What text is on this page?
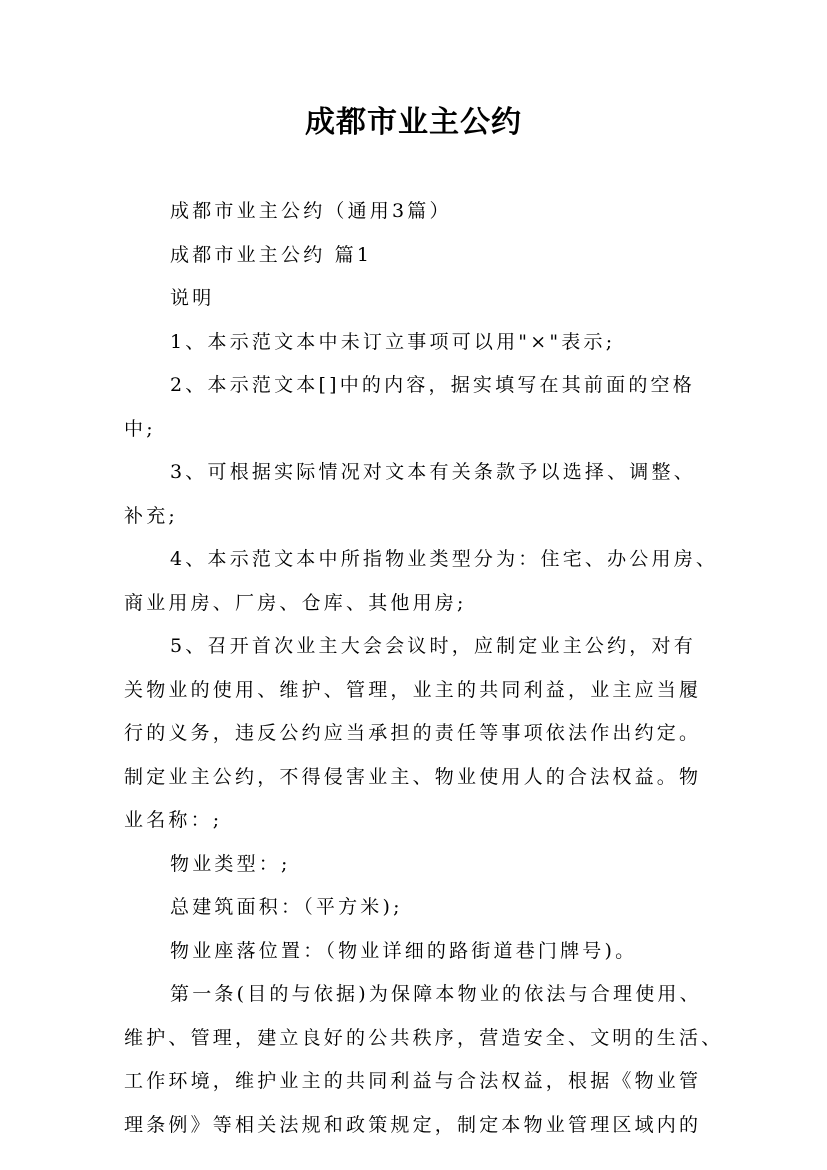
成都市业主公约
成都市业主公约（通用3篇）
成都市业主公约 篇1
说明
1、本示范文本中未订立事项可以用"×"表示;
2、本示范文本[]中的内容，据实填写在其前面的空格
中;
3、可根据实际情况对文本有关条款予以选择、调整、
补充;
4、本示范文本中所指物业类型分为：住宅、办公用房、
商业用房、厂房、仓库、其他用房;
5、召开首次业主大会会议时，应制定业主公约，对有
关物业的使用、维护、管理，业主的共同利益，业主应当履
行的义务，违反公约应当承担的责任等事项依法作出约定。
制定业主公约，不得侵害业主、物业使用人的合法权益。物
业名称：;
物业类型：;
总建筑面积：（平方米);
物业座落位置：（物业详细的路街道巷门牌号)。
第一条(目的与依据)为保障本物业的依法与合理使用、
维护、管理，建立良好的公共秩序，营造安全、文明的生活、
工作环境，维护业主的共同利益与合法权益，根据《物业管
理条例》等相关法规和政策规定，制定本物业管理区域内的
